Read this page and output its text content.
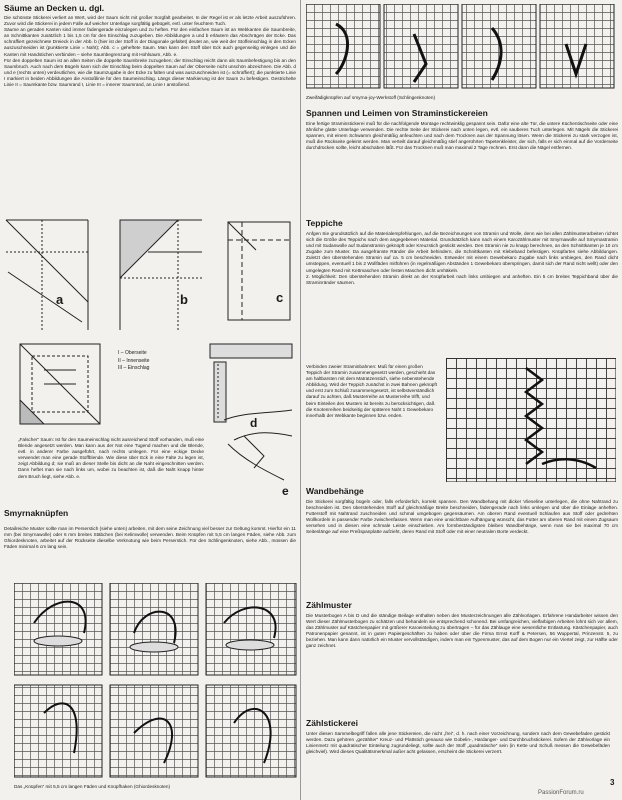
Säume an Decken u. dgl.

Die schönste Stickerei verliert an Wert, wird der Saum nicht mit großer Sorgfalt gearbeitet. In der Regel ist er als letzte Arbeit auszuführen. Zuvor wird die Stickerei in jedem Falle auf weicher Unterlage sorgfältig gebügelt, evtl. unter feuchtem Tuch.

Säume an geraden Kanten sind immer fadengerade einzulegen und zu heften. Für den einfachen Saum ist an Webkanten die Saumbreite, an Schnittkanten zusätzlich 1 bis 1,5 cm für den Einschlag zuzugeben. Die Abbildungen a und b erläutern das Abschrägen der Ecke. Das schraffiert gezeichnete Dreieck in der Abb. b (hier ist der Stoff in der Diagonale gefaltet) deutet an, wie weit der Stoffeinschlag in den Ecken auszuschneiden ist (punktierte Linie = Naht); Abb. c = geheftete Saum. Man kann den Stoff über Eck auch gegenseitig einlegen und die Kanten mit Handstichen verbinden – siehe Saumbegrenzung mit Hohlsaum, Abb. e.

Für den doppelten Saum ist an allen Seiten die doppelte Saumbreite zuzugeben; der Einschlag reicht dann als Saumbefestigung bis an den Saumbruch. Auch nach dem Bügeln kann sich der Einschlag beim doppelten Saum auf der Oberseite nicht unschön abzeichnen. Die Abb. d und e (rechts unten) verdeutlichen, wie die Saumzugabe in der Ecke zu falten und was auszuschneiden ist (= schraffiert); die punktierte Linie I markiert in beiden Abbildungen die Anstoßlinie für den Saumeinschlag. Längs dieser Markierung ist der Saum zu befestigen. Gestrichelte Linie II = Saumkante bzw. Saumrand I, Linie III = innerer Saumrand, an Linie I anstoßend.

a	b	c
I – Oberseite
II – Innenseite
III – Einschlag
d
e

„Falscher“ Saum: Ist für den Saumeinschlag nicht ausreichend Stoff vorhanden, muß eine Blende angesetzt werden. Man kann aus der Not eine Tugend machen und die Blende, evtl. in anderer Farbe ausgeführt, nach rechts umlegen. Für eine eckige Decke verwendet man eine gerade Stoffblende. Wie diese über Eck in eine Falte zu legen ist, zeigt Abbildung d; sie muß an dieser Stelle bis dicht an die Naht eingeschnitten werden. Dann heftet man sie nach links um, wobei zu beachten ist, daß die Naht knapp hinter dem Bruch liegt, siehe Abb. e.

Smyrnaknüpfen

Detailreiche Muster sollte man im Perserstich (siehe unten) arbeiten, mit dem seine Zeichnung viel besser zur Geltung kommt. Hierfür ein 11 mm (bei Smyrnawolle) oder 6 mm breites Stäbchen (bei Kelimwolle) verwenden. Beim Knüpfen mit 5,5 cm langen Fäden, siehe Abb. zum Ghiordesknoten, arbeitet auf der Rückseite dieselbe Verknotung wie beim Perserstich. Für den Schlingenknoten, siehe Abb., müssen die Fäden minimal 6 cm lang sein.

Das „Knüpfen“ mit 5,5 cm langen Fäden und Knüpfhaken (Ghiordesknoten)

Zweifädigknüpfen auf smyrna-joy-Werkstoff (Schlingenknoten)

Spannen und Leimen von Straminstickereien

Eine fertige Straminstickerei muß für die nachfolgende Montage rechtwinklig gespannt sein. Dafür eine alte Tür, die untere Küchentischseite oder eine ähnliche glatte Unterlage verwenden. Die rechte Seite der Stickerei nach unten legen, evtl. ein sauberes Tuch unterlegen. Mit Nägeln die Stickerei spannen, mit einem Schwamm gleichmäßig anfeuchten und nach dem Trocknen aus der Spannung lösen. Wenn die Stickerei zu stark verzogen ist, muß die Rückseite geleimt werden. Man verteilt darauf gleichmäßig stief angerührten Tapetenkleister, der sich, falls er sich einmal auf die Vorderseite durchdrücken sollte, leicht abschaben läßt. Für das Trocknen muß man maximal 2 Tage rechnen. Erst dann die Nägel entfernen.

Teppiche

Anfgen Sie grundsätzlich auf die Materialempfehlungen, auf die Bezeichnungen von Stramin und Wolle, denn wie bei allen Zählmusterarbeiten richtet sich die Größe des Teppichs nach dem angegebenen Material. Grundsätzlich kann nach einem Karozählmuster mit Smyrnawolle auf Smyrnastramin und mit Sudanwolle auf Sudanstramin geknüpft oder Kreuzstich gestickt werden. Den Stramin nie zu knapp berechnen, an den Schnittkanten je 10 cm Zugabe zum Muster. Da ausgefranste Ränder die Arbeit behindern, die Schnittkanten mit Klebeband befestigen. Knüpfarten siehe Abbildungen. Zuletzt den überstehenden Stramin auf ca. 5 cm beschneiden. Entweder mit einem Gewebekaro Zugabe nach links umbiegen, den Rand dicht umsteppen, eventuell 1 bis 2 Wollfäden mitführen (in regelmäßigen Abständen 1 Gewebekaro überspringen, damit sich der Rand nicht wellt) oder den umgelegten Rand mit Kettmaschen oder festen Maschen dicht umhäkeln.

2. Möglichkeit: Den überstehenden Stramin direkt an der Knüpfarbeit nach links umbiegen und anheften. Ein 5 cm breites Teppichband über die Straminränder säumen.

Verbinden zweier Straminbahnen: Muß für einen großen Teppich der Stramin zusammengesetzt werden, geschieht das am haltbarsten mit dem Matratzenstich, siehe nebenstehende Abbildung. Wird der Teppich zunächst in zwei Bahnen geknüpft und erst zum Schluß zusammengesetzt, ist selbstverständlich darauf zu achten, daß Musterreihe an Musterreihe trifft, und beim Einteilen des Musters ist bereits zu berücksichtigen, daß die Knotenreihen beidseitig der späteren Naht 1 Gewebekaro innerhalb der Webkante beginnen bzw. enden.

Wandbehänge

Die Stickerei sorgfältig bügeln oder, falls erforderlich, korrekt spannen. Den Wandbehang mit dicker Vlieseline unterlegen, die ohne Nahtrand zu beschneiden ist. Den überstehenden Stoff auf gleichmäßige Breite beschneiden, fadengerade nach links umlegen und über die Einlage anheften. Futterstoff mit Nahtrand zuschneiden und schmal umgebogen gegensäumen. Am oberen Rand eventuell Schlaufen aus Stoff oder gedrehten Wollkordeln in passender Farbe zwischenfassen. Wenn man eine unsichtbare Aufhängung wünscht, das Futter am oberen Rand mit einem Zugsaum versehen und in diesen eine schmale Leiste einschieben. Am formbeständigsten bleiben Wandbehänge, wenn man sie bei maximal 70 cm Seitenlänge auf eine Preßspanplatte aufzieht, deren Rand mit Stoff oder mit einer neutralen Borte verdeckt.

Zählmuster

Die Musterbogen A bis D und die ständige Beilage enthalten neben den Musterzeichnungen alle Zählvorlagen. Erfahrene Handarbeiter wissen den Wert dieser Zählmusterbogen zu schätzen und behandeln sie entsprechend schonend. Bei umfangreichen, vielfarbigen Arbeiten lohnt sich vor allem, das Zählmuster auf Kästchenpapier mit größerer Karoeinteilung zu übertragen – für das Zählauge eine wesentliche Entlastung. Kästchenpapier, auch Patronenpapier genannt, ist in guten Papiergeschäften zu haben oder über die Firma Ernst Korff & Petersen, 56 Wuppertal, Prinzenstr. 5, zu beziehen. Man kann dann natürlich ein Muster vervollständigen, indem man ein Typenmuster, das auf dem Bogen nur ein Viertel zeigt, zur Hälfte oder ganz zeichnet.

Zählstickerei

Unter diesen Sammelbegriff fallen alle jene Stickereien, die nicht „frei“, d. h. nach einer Vorzeichnung, sondern nach dem Gewebefaden gestickt werden. Dazu gehören „gezählter“ Kreuz- und Plattstich genauso wie Gobelin-, Hardanger- und Durchbruchstickerei. Sofern der Zählvorlage ein Linienmetz mit quadratischer Einteilung zugrundeliegt, sollte auch der Stoff „quadratische“ sein (in Kette und Schuß messen die Gewebefäden gleichviel). Wird dieses Qualitätsmerkmal außer acht gelassen, erscheint die Stickerei verzerrt.

3
PassionForum.ru
